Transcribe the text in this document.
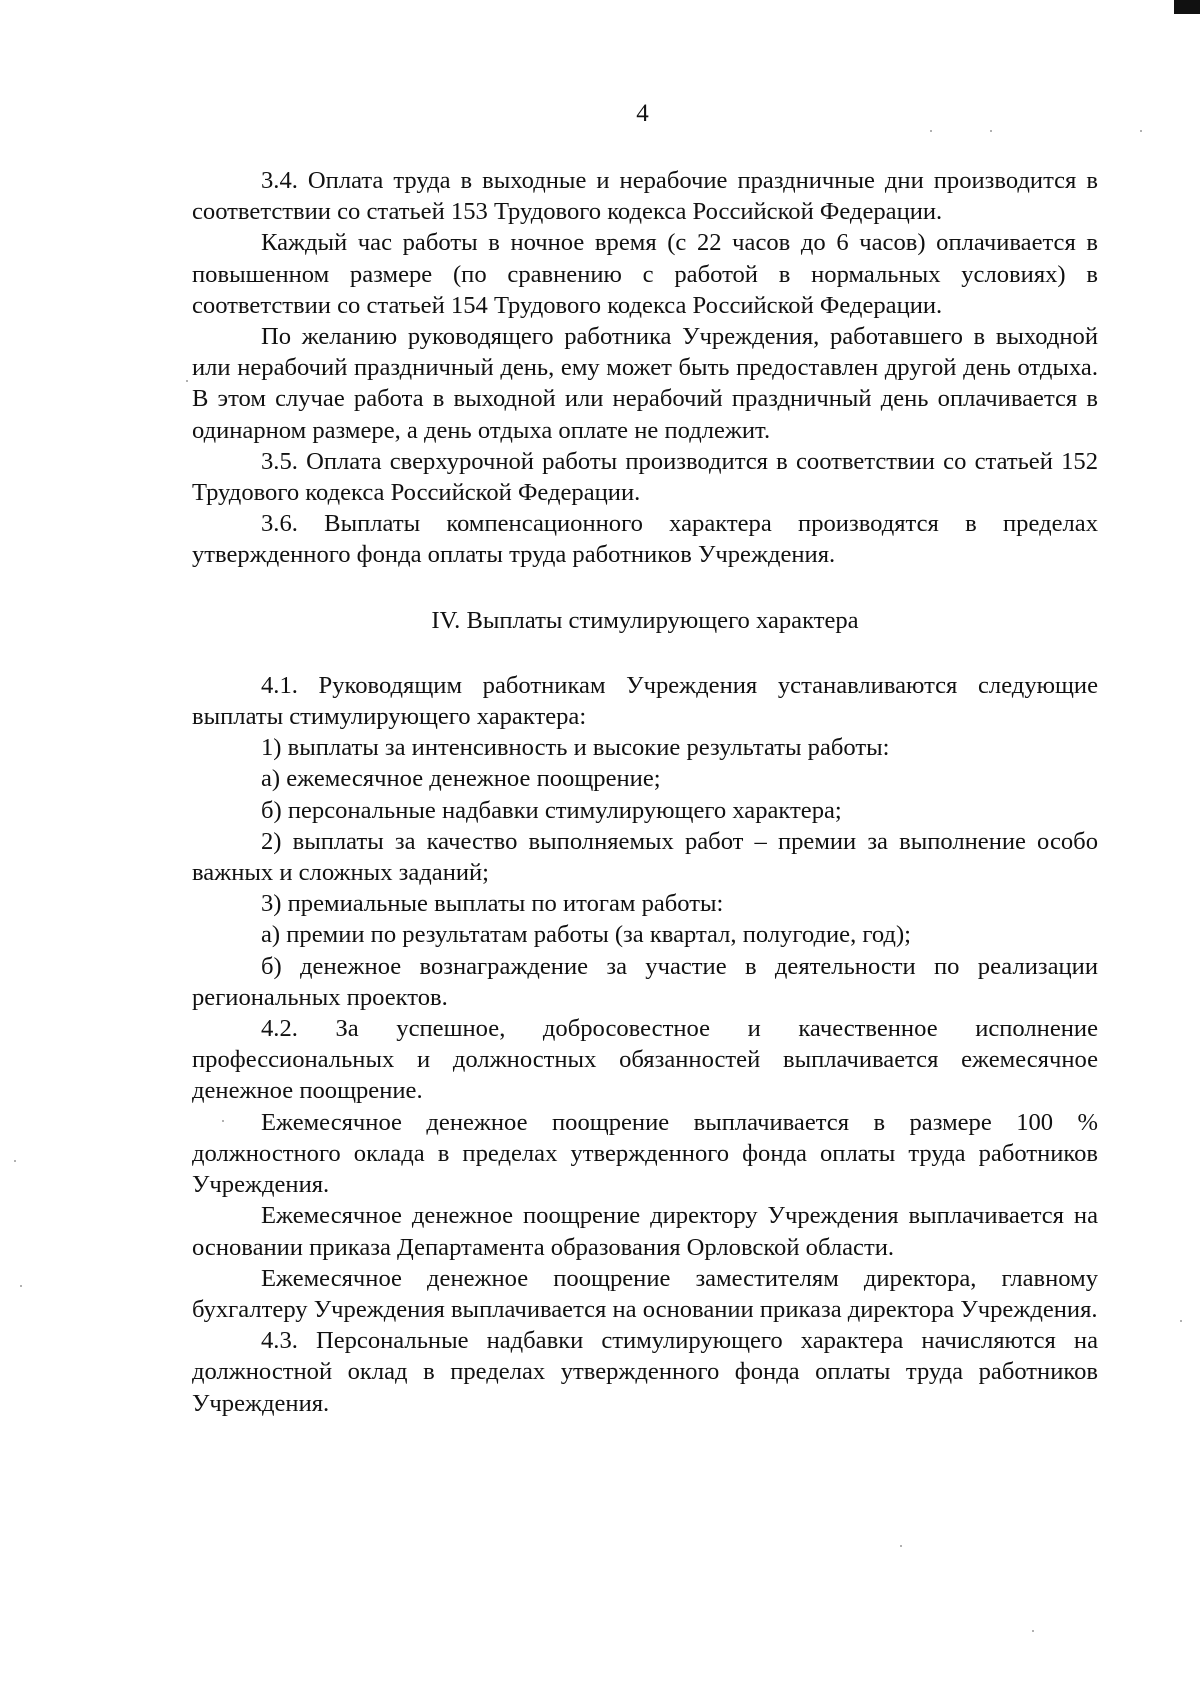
4

3.4. Оплата труда в выходные и нерабочие праздничные дни производится в соответствии со статьей 153 Трудового кодекса Российской Федерации.

Каждый час работы в ночное время (с 22 часов до 6 часов) оплачивается в повышенном размере (по сравнению с работой в нормальных условиях) в соответствии со статьей 154 Трудового кодекса Российской Федерации.

По желанию руководящего работника Учреждения, работавшего в выходной или нерабочий праздничный день, ему может быть предоставлен другой день отдыха. В этом случае работа в выходной или нерабочий праздничный день оплачивается в одинарном размере, а день отдыха оплате не подлежит.

3.5. Оплата сверхурочной работы производится в соответствии со статьей 152 Трудового кодекса Российской Федерации.

3.6. Выплаты компенсационного характера производятся в пределах утвержденного фонда оплаты труда работников Учреждения.

IV. Выплаты стимулирующего характера

4.1. Руководящим работникам Учреждения устанавливаются следующие выплаты стимулирующего характера:

1) выплаты за интенсивность и высокие результаты работы:

а) ежемесячное денежное поощрение;

б) персональные надбавки стимулирующего характера;

2) выплаты за качество выполняемых работ – премии за выполнение особо важных и сложных заданий;

3) премиальные выплаты по итогам работы:

а) премии по результатам работы (за квартал, полугодие, год);

б) денежное вознаграждение за участие в деятельности по реализации региональных проектов.

4.2. За успешное, добросовестное и качественное исполнение профессиональных и должностных обязанностей выплачивается ежемесячное денежное поощрение.

Ежемесячное денежное поощрение выплачивается в размере 100 % должностного оклада в пределах утвержденного фонда оплаты труда работников Учреждения.

Ежемесячное денежное поощрение директору Учреждения выплачивается на основании приказа Департамента образования Орловской области.

Ежемесячное денежное поощрение заместителям директора, главному бухгалтеру Учреждения выплачивается на основании приказа директора Учреждения.

4.3. Персональные надбавки стимулирующего характера начисляются на должностной оклад в пределах утвержденного фонда оплаты труда работников Учреждения.
